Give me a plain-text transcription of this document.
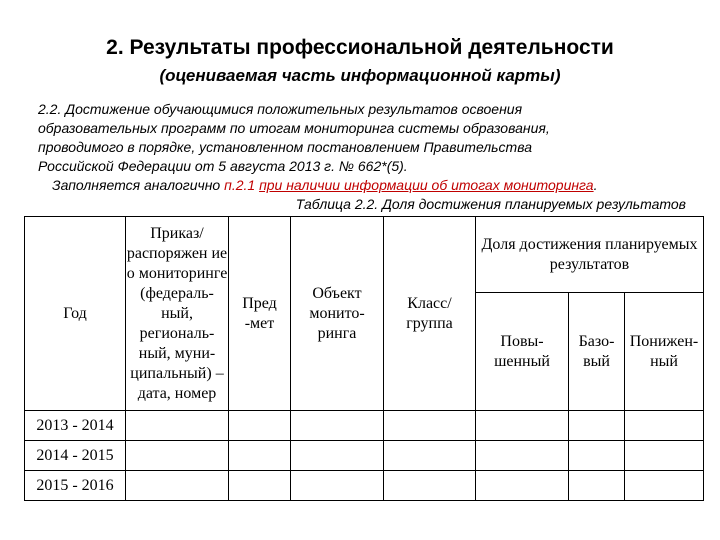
2. Результаты профессиональной деятельности
(оцениваемая часть информационной карты)
2.2. Достижение обучающимися положительных результатов освоения
образовательных программ по итогам мониторинга системы образования,
проводимого в порядке, установленном постановлением Правительства
Российской Федерации от 5 августа 2013 г. № 662*(5).
Заполняется аналогично п.2.1 при наличии информации об итогах мониторинга.
Таблица 2.2. Доля достижения планируемых результатов
Год	Приказ/ распоряжен ие о мониторинге (федераль- ный, региональ- ный, муни- ципальный) – дата, номер	Пред -мет	Объект монито- ринга	Класс/ группа	Доля достижения планируемых результатов		
					Повы- шенный	Базо- вый	Понижен- ный
2013 - 2014							
2014 - 2015							
2015 - 2016							
